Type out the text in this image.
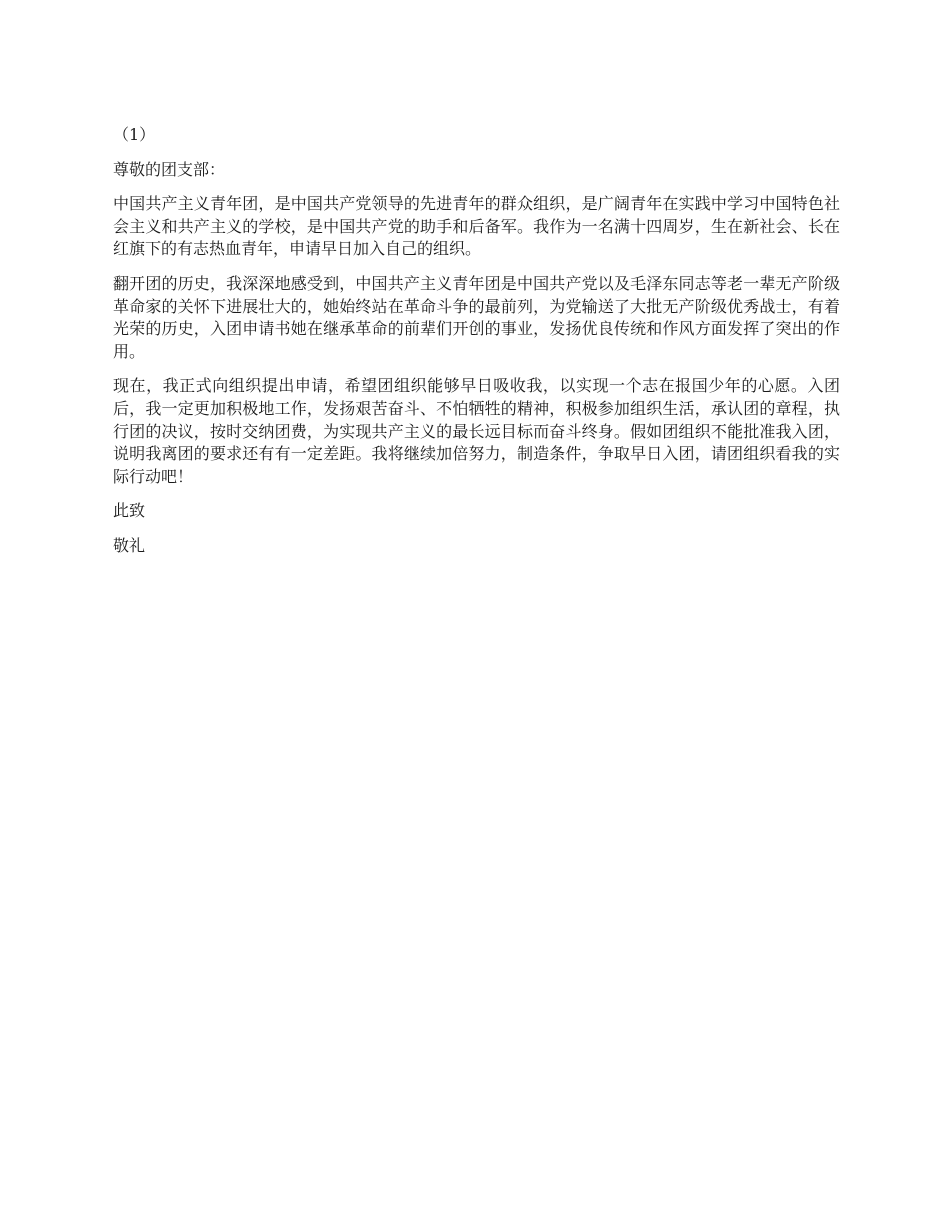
（1）

尊敬的团支部：

中国共产主义青年团，是中国共产党领导的先进青年的群众组织，是广阔青年在实践中学习中国特色社会主义和共产主义的学校，是中国共产党的助手和后备军。我作为一名满十四周岁，生在新社会、长在红旗下的有志热血青年，申请早日加入自己的组织。

翻开团的历史，我深深地感受到，中国共产主义青年团是中国共产党以及毛泽东同志等老一辈无产阶级革命家的关怀下进展壮大的，她始终站在革命斗争的最前列，为党输送了大批无产阶级优秀战士，有着光荣的历史，入团申请书她在继承革命的前辈们开创的事业，发扬优良传统和作风方面发挥了突出的作用。

现在，我正式向组织提出申请，希望团组织能够早日吸收我，以实现一个志在报国少年的心愿。入团后，我一定更加积极地工作，发扬艰苦奋斗、不怕牺牲的精神，积极参加组织生活，承认团的章程，执行团的决议，按时交纳团费，为实现共产主义的最长远目标而奋斗终身。假如团组织不能批准我入团，说明我离团的要求还有有一定差距。我将继续加倍努力，制造条件，争取早日入团，请团组织看我的实际行动吧！

此致

敬礼
